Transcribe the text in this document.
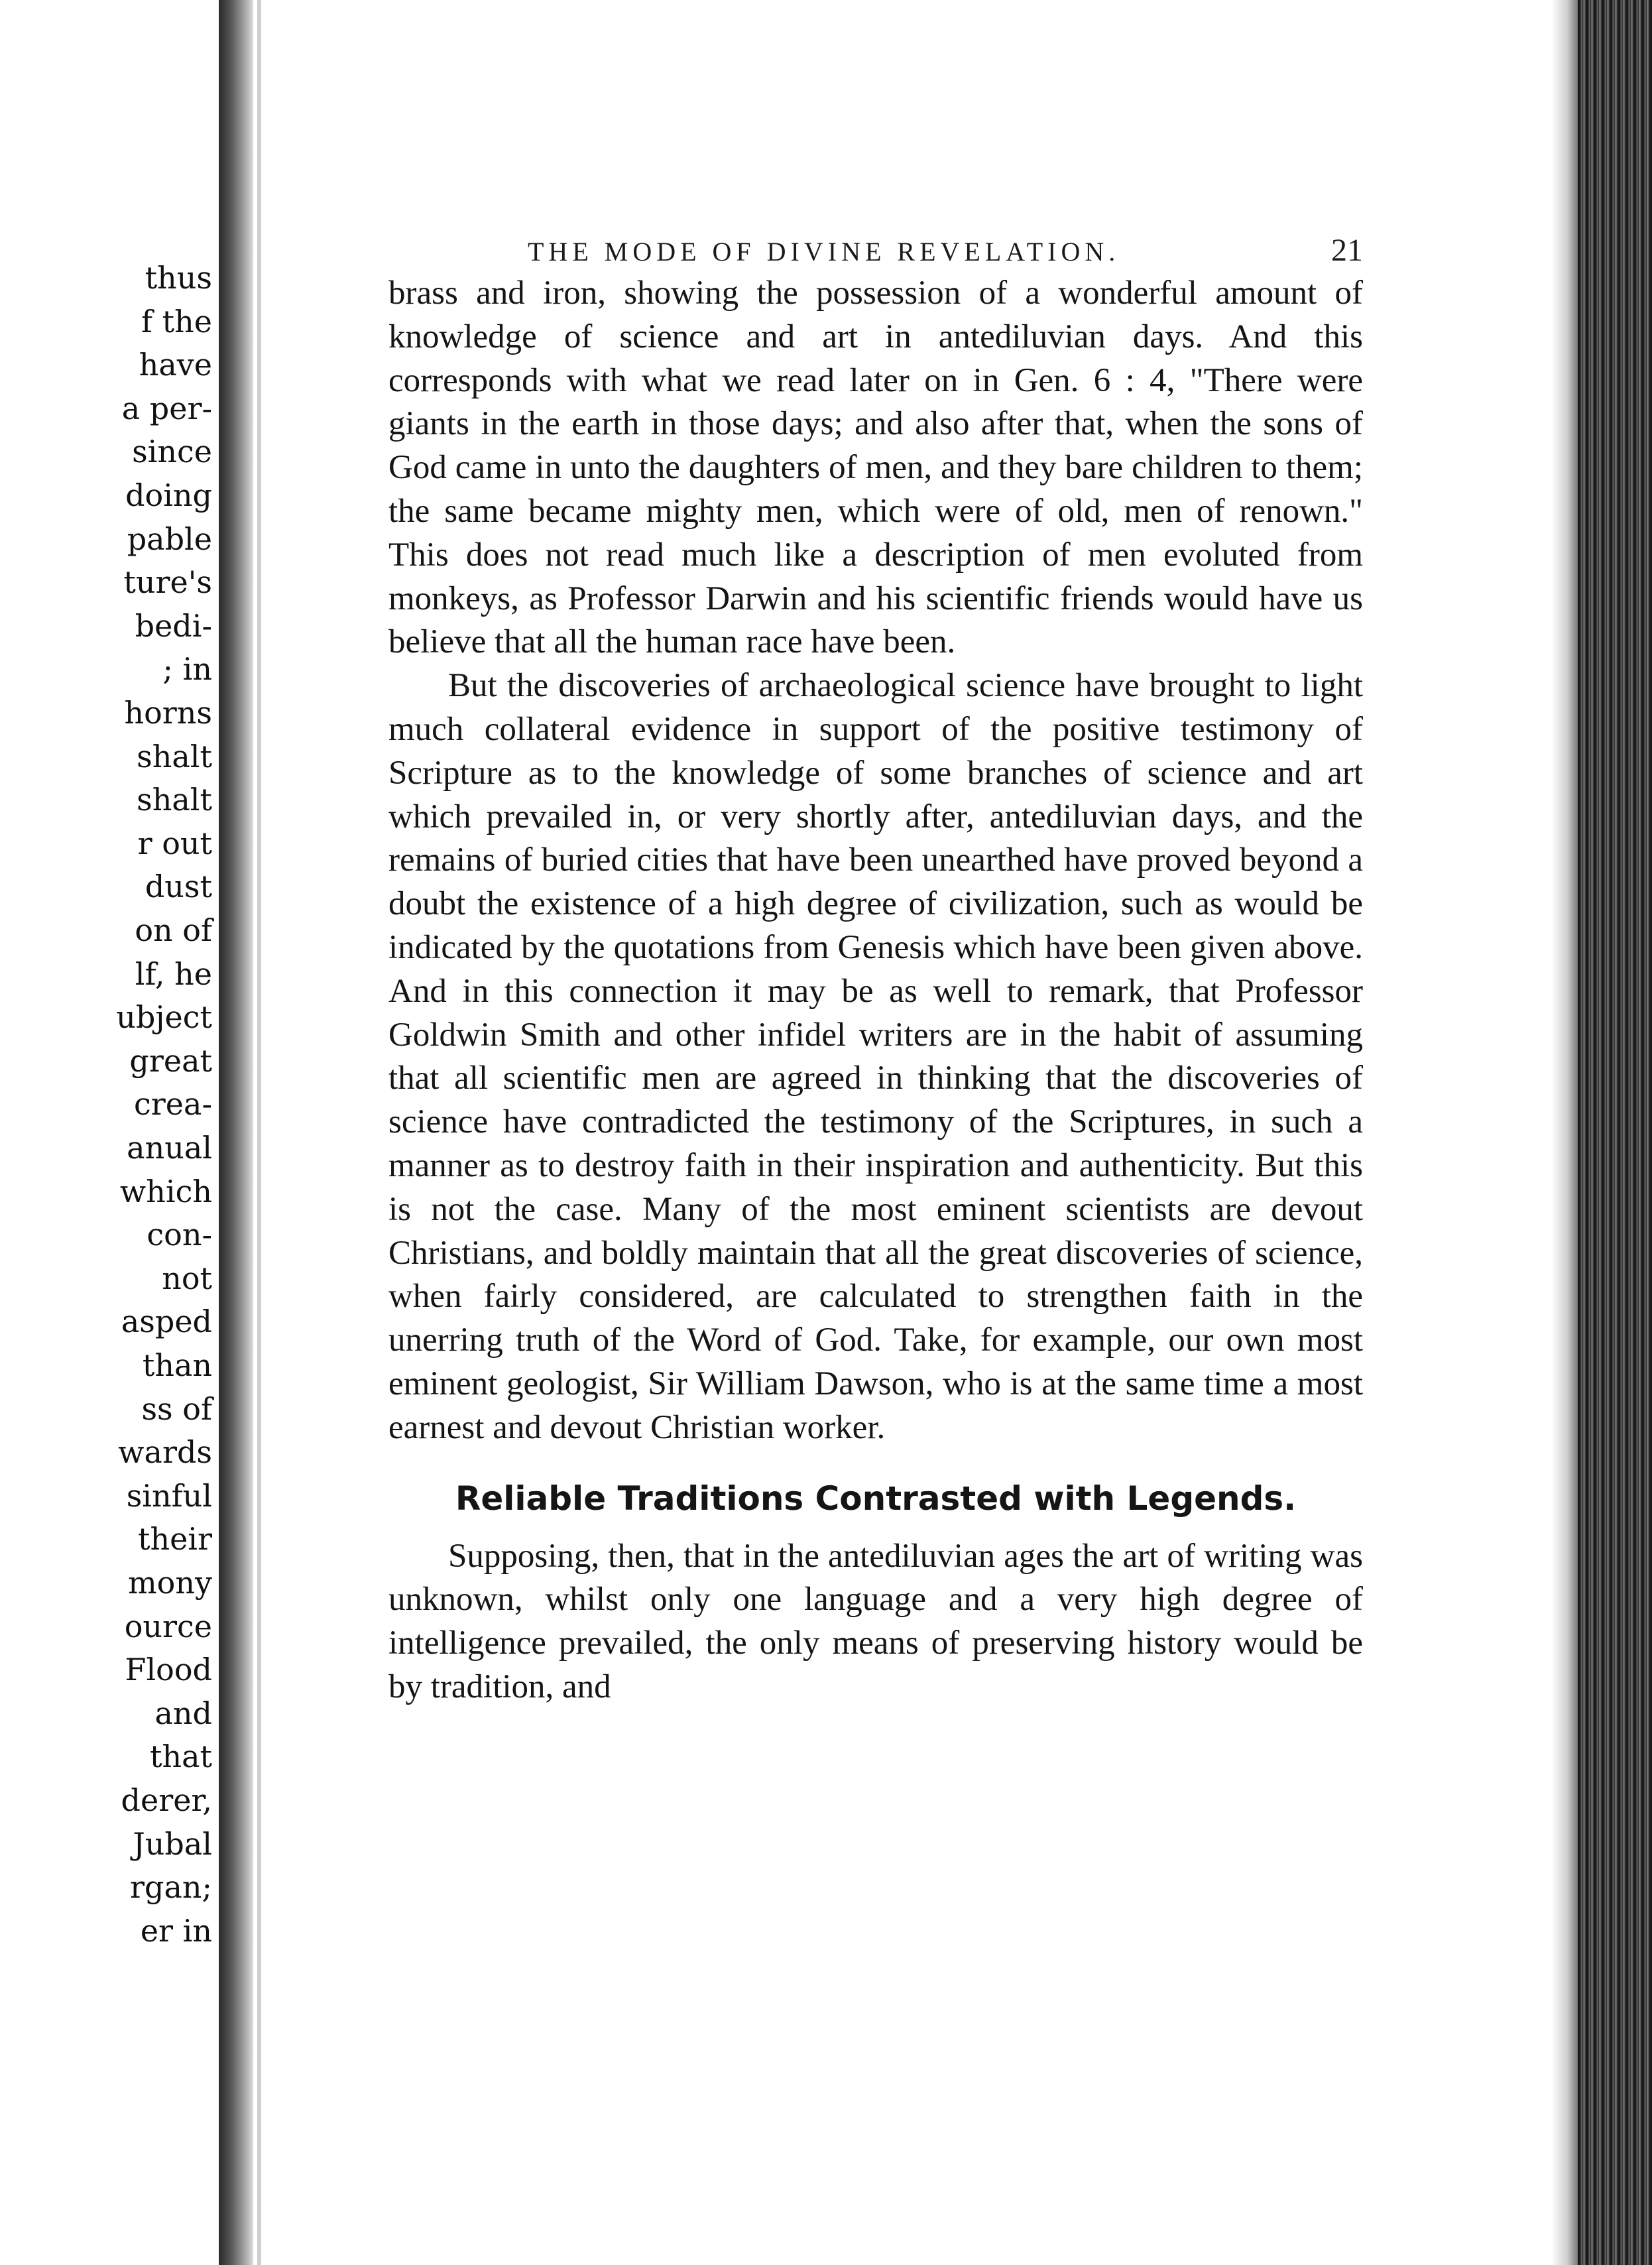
thus
f the
have
a per-
since
doing
pable
ture's
bedi-
; in
horns
shalt
shalt
r out
dust
on of
lf, he
ubject
great
crea-
anual
which
con-
not
asped
than
ss of
wards
sinful
their
mony
ource
Flood
and
that
derer,
Jubal
rgan;
er in
THE MODE OF DIVINE REVELATION.	21

brass and iron, showing the possession of a wonderful amount of knowledge of science and art in antediluvian days. And this corresponds with what we read later on in Gen. 6 : 4, "There were giants in the earth in those days; and also after that, when the sons of God came in unto the daughters of men, and they bare children to them; the same became mighty men, which were of old, men of renown." This does not read much like a description of men evoluted from monkeys, as Professor Darwin and his scientific friends would have us believe that all the human race have been.

But the discoveries of archaeological science have brought to light much collateral evidence in support of the positive testimony of Scripture as to the knowledge of some branches of science and art which prevailed in, or very shortly after, antediluvian days, and the remains of buried cities that have been unearthed have proved beyond a doubt the existence of a high degree of civilization, such as would be indicated by the quotations from Genesis which have been given above. And in this connection it may be as well to remark, that Professor Goldwin Smith and other infidel writers are in the habit of assuming that all scientific men are agreed in thinking that the discoveries of science have contradicted the testimony of the Scriptures, in such a manner as to destroy faith in their inspiration and authenticity. But this is not the case. Many of the most eminent scientists are devout Christians, and boldly maintain that all the great discoveries of science, when fairly considered, are calculated to strengthen faith in the unerring truth of the Word of God. Take, for example, our own most eminent geologist, Sir William Dawson, who is at the same time a most earnest and devout Christian worker.

Reliable Traditions Contrasted with Legends.

Supposing, then, that in the antediluvian ages the art of writing was unknown, whilst only one language and a very high degree of intelligence prevailed, the only means of preserving history would be by tradition, and
